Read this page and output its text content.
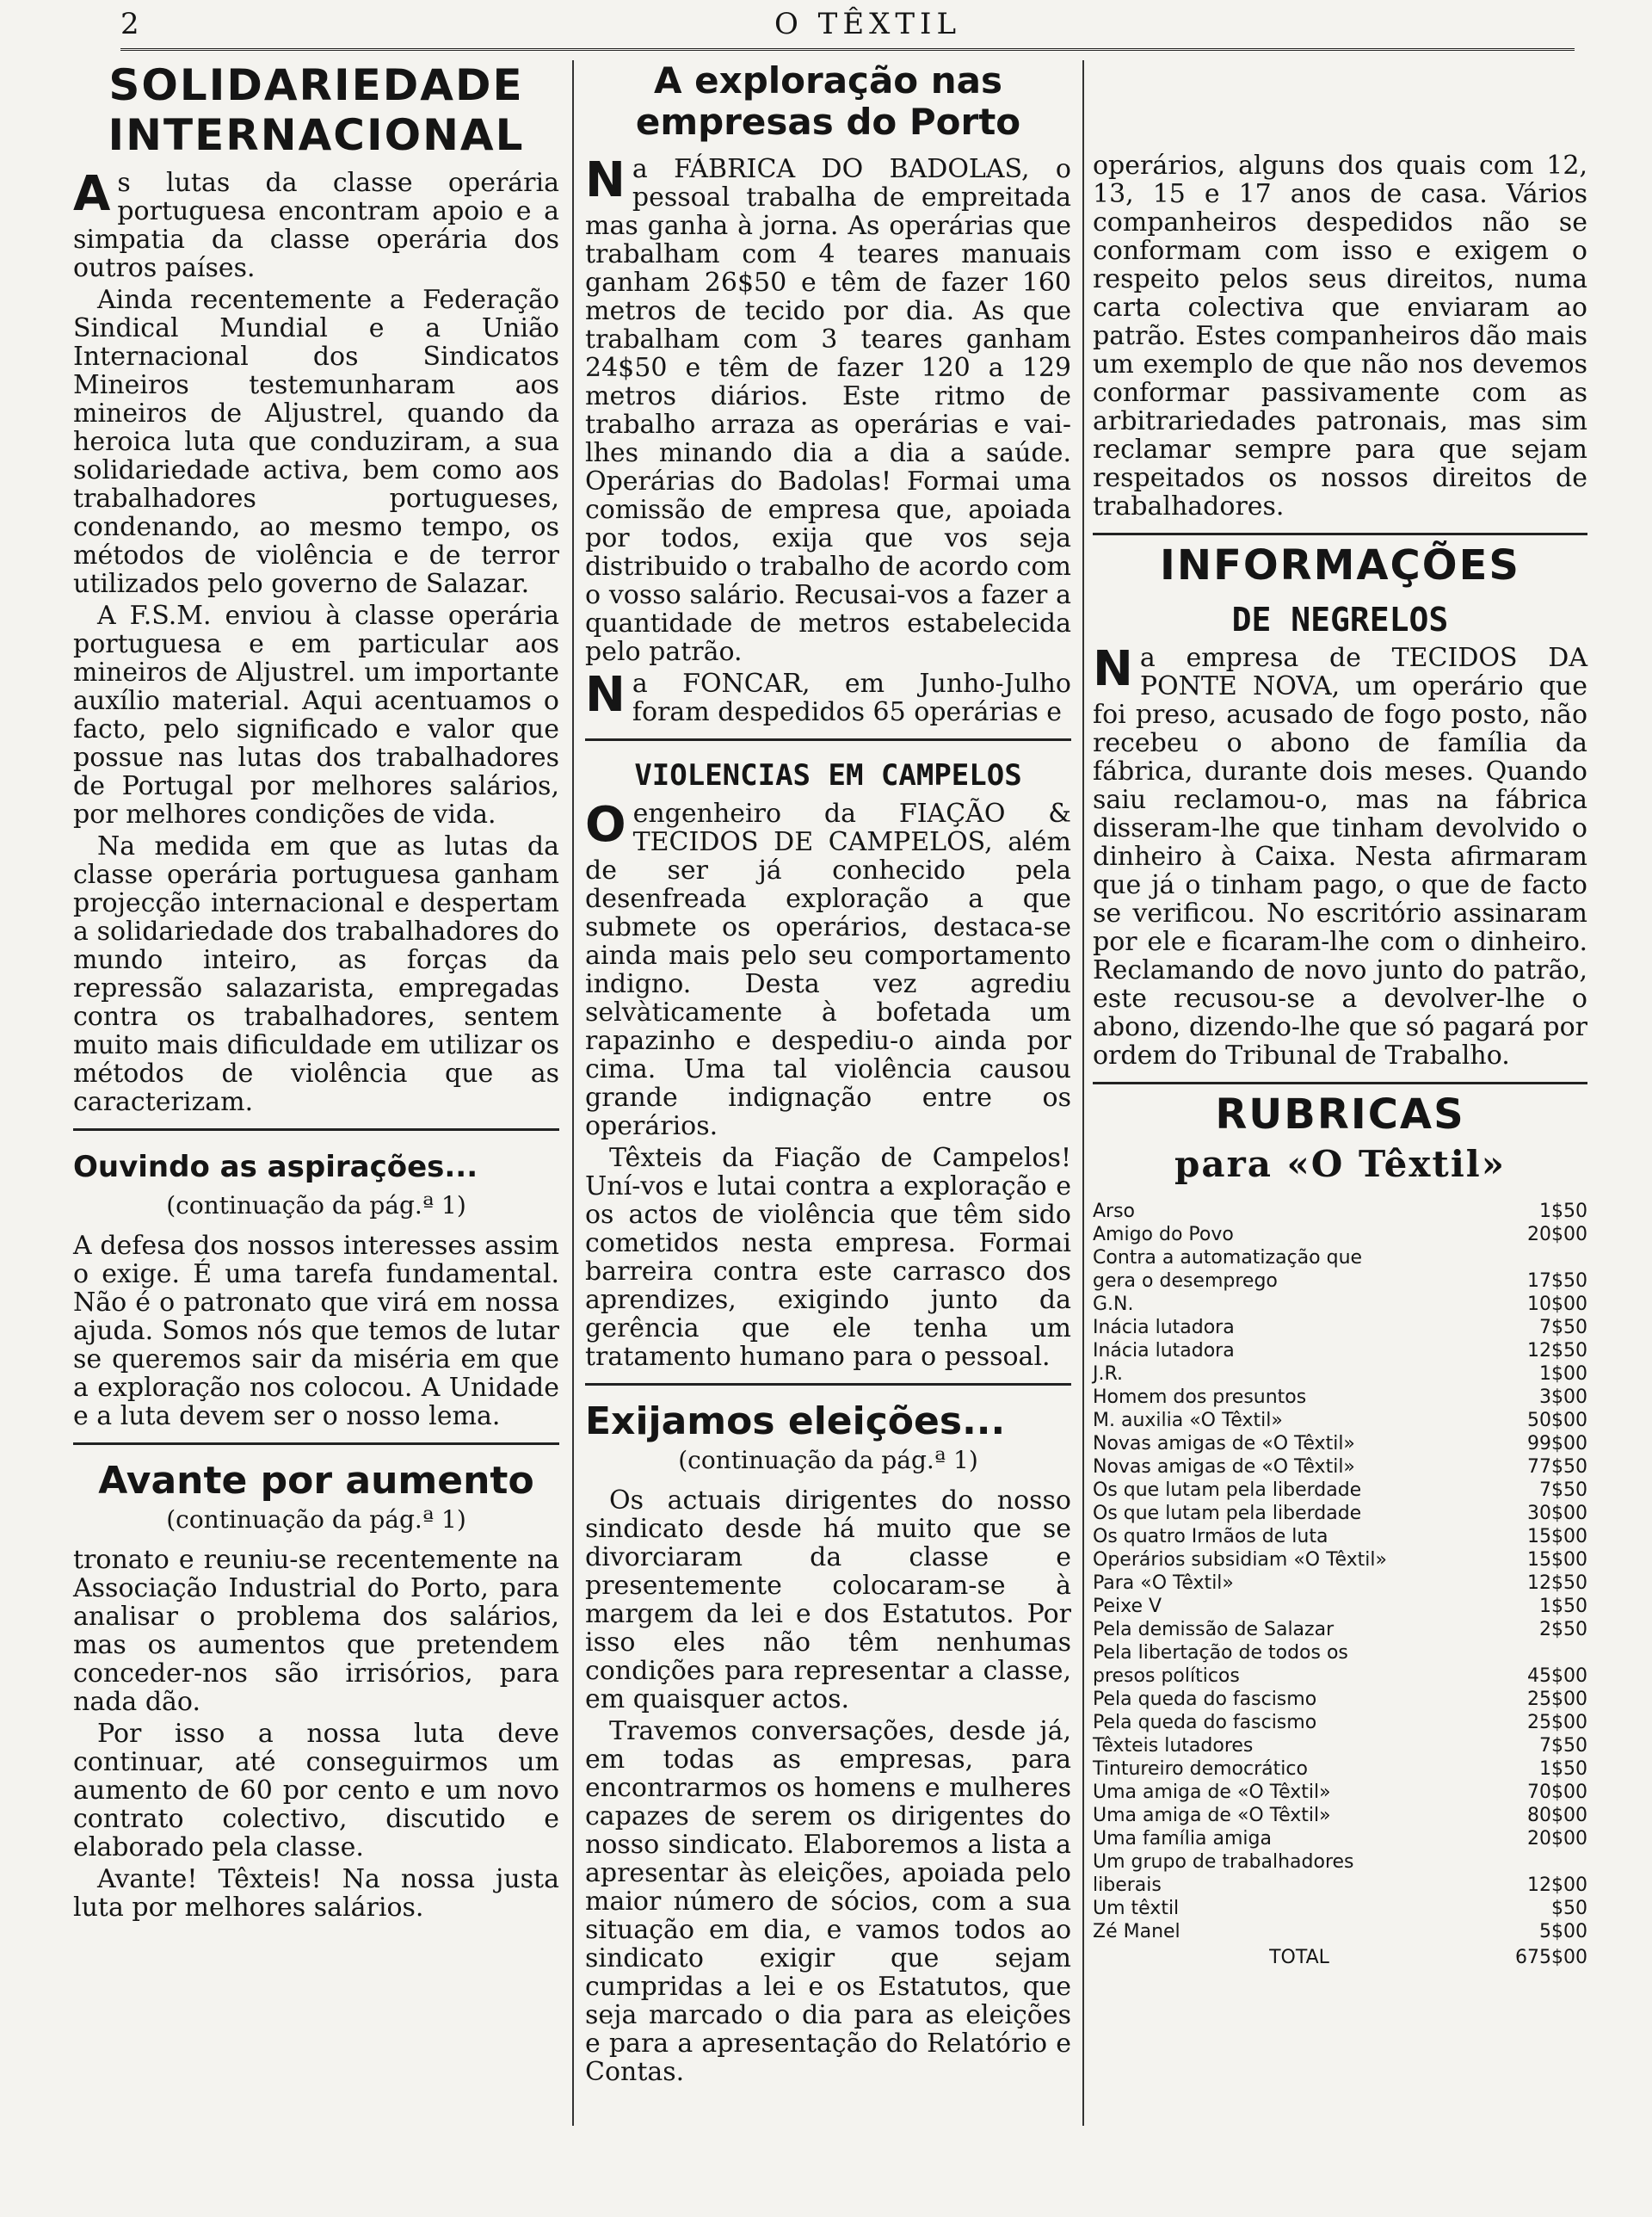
2	O TÊXTIL
SOLIDARIEDADE
INTERNACIONAL

As lutas da classe operária portuguesa encontram apoio e a simpatia da classe operária dos outros países.

Ainda recentemente a Federação Sindical Mundial e a União Internacional dos Sindicatos Mineiros testemunharam aos mineiros de Aljustrel, quando da heroica luta que conduziram, a sua solidariedade activa, bem como aos trabalhadores portugueses, condenando, ao mesmo tempo, os métodos de violência e de terror utilizados pelo governo de Salazar.

A F.S.M. enviou à classe operária portuguesa e em particular aos mineiros de Aljustrel. um importante auxílio material. Aqui acentuamos o facto, pelo significado e valor que possue nas lutas dos trabalhadores de Portugal por melhores salários, por melhores condições de vida.

Na medida em que as lutas da classe operária portuguesa ganham projecção internacional e despertam a solidariedade dos trabalhadores do mundo inteiro, as forças da repressão salazarista, empregadas contra os trabalhadores, sentem muito mais dificuldade em utilizar os métodos de violência que as caracterizam.

Ouvindo as aspirações...
(continuação da pág.ª 1)

A defesa dos nossos interesses assim o exige. É uma tarefa fundamental. Não é o patronato que virá em nossa ajuda. Somos nós que temos de lutar se queremos sair da miséria em que a exploração nos colocou. A Unidade e a luta devem ser o nosso lema.

Avante por aumento
(continuação da pág.ª 1)

tronato e reuniu-se recentemente na Associação Industrial do Porto, para analisar o problema dos salários, mas os aumentos que pretendem conceder-nos são irrisórios, para nada dão.

Por isso a nossa luta deve continuar, até conseguirmos um aumento de 60 por cento e um novo contrato colectivo, discutido e elaborado pela classe.

Avante! Têxteis! Na nossa justa luta por melhores salários.

A exploração nas empresas do Porto

Na FÁBRICA DO BADOLAS, o pessoal trabalha de empreitada mas ganha à jorna. As operárias que trabalham com 4 teares manuais ganham 26$50 e têm de fazer 160 metros de tecido por dia. As que trabalham com 3 teares ganham 24$50 e têm de fazer 120 a 129 metros diários. Este ritmo de trabalho arraza as operárias e vai-lhes minando dia a dia a saúde. Operárias do Badolas! Formai uma comissão de empresa que, apoiada por todos, exija que vos seja distribuido o trabalho de acordo com o vosso salário. Recusai-vos a fazer a quantidade de metros estabelecida pelo patrão.

Na FONCAR, em Junho-Julho foram despedidos 65 operárias e

VIOLENCIAS EM CAMPELOS

Oengenheiro da FIAÇÃO & TECIDOS DE CAMPELOS, além de ser já conhecido pela desenfreada exploração a que submete os operários, destaca-se ainda mais pelo seu comportamento indigno. Desta vez agrediu selvàticamente à bofetada um rapazinho e despediu-o ainda por cima. Uma tal violência causou grande indignação entre os operários.

Têxteis da Fiação de Campelos! Uní-vos e lutai contra a exploração e os actos de violência que têm sido cometidos nesta empresa. Formai barreira contra este carrasco dos aprendizes, exigindo junto da gerência que ele tenha um tratamento humano para o pessoal.

Exijamos eleições...
(continuação da pág.ª 1)

Os actuais dirigentes do nosso sindicato desde há muito que se divorciaram da classe e presentemente colocaram-se à margem da lei e dos Estatutos. Por isso eles não têm nenhumas condições para representar a classe, em quaisquer actos.

Travemos conversações, desde já, em todas as empresas, para encontrarmos os homens e mulheres capazes de serem os dirigentes do nosso sindicato. Elaboremos a lista a apresentar às eleições, apoiada pelo maior número de sócios, com a sua situação em dia, e vamos todos ao sindicato exigir que sejam cumpridas a lei e os Estatutos, que seja marcado o dia para as eleições e para a apresentação do Relatório e Contas.

operários, alguns dos quais com 12, 13, 15 e 17 anos de casa. Vários companheiros despedidos não se conformam com isso e exigem o respeito pelos seus direitos, numa carta colectiva que enviaram ao patrão. Estes companheiros dão mais um exemplo de que não nos devemos conformar passivamente com as arbitrariedades patronais, mas sim reclamar sempre para que sejam respeitados os nossos direitos de trabalhadores.

INFORMAÇÕES
DE NEGRELOS

Na empresa de TECIDOS DA PONTE NOVA, um operário que foi preso, acusado de fogo posto, não recebeu o abono de família da fábrica, durante dois meses. Quando saiu reclamou-o, mas na fábrica disseram-lhe que tinham devolvido o dinheiro à Caixa. Nesta afirmaram que já o tinham pago, o que de facto se verificou. No escritório assinaram por ele e ficaram-lhe com o dinheiro. Reclamando de novo junto do patrão, este recusou-se a devolver-lhe o abono, dizendo-lhe que só pagará por ordem do Tribunal de Trabalho.

RUBRICAS
para «O Têxtil»
Arso	1$50
Amigo do Povo	20$00
Contra a automatização que
gera o desemprego	17$50
G.N.	10$00
Inácia lutadora	7$50
Inácia lutadora	12$50
J.R.	1$00
Homem dos presuntos	3$00
M. auxilia «O Têxtil»	50$00
Novas amigas de «O Têxtil»	99$00
Novas amigas de «O Têxtil»	77$50
Os que lutam pela liberdade	7$50
Os que lutam pela liberdade	30$00
Os quatro Irmãos de luta	15$00
Operários subsidiam «O Têxtil»	15$00
Para «O Têxtil»	12$50
Peixe V	1$50
Pela demissão de Salazar	2$50
Pela libertação de todos os
presos políticos	45$00
Pela queda do fascismo	25$00
Pela queda do fascismo	25$00
Têxteis lutadores	7$50
Tintureiro democrático	1$50
Uma amiga de «O Têxtil»	70$00
Uma amiga de «O Têxtil»	80$00
Uma família amiga	20$00
Um grupo de trabalhadores
liberais	12$00
Um têxtil	$50
Zé Manel	5$00
TOTAL	675$00
